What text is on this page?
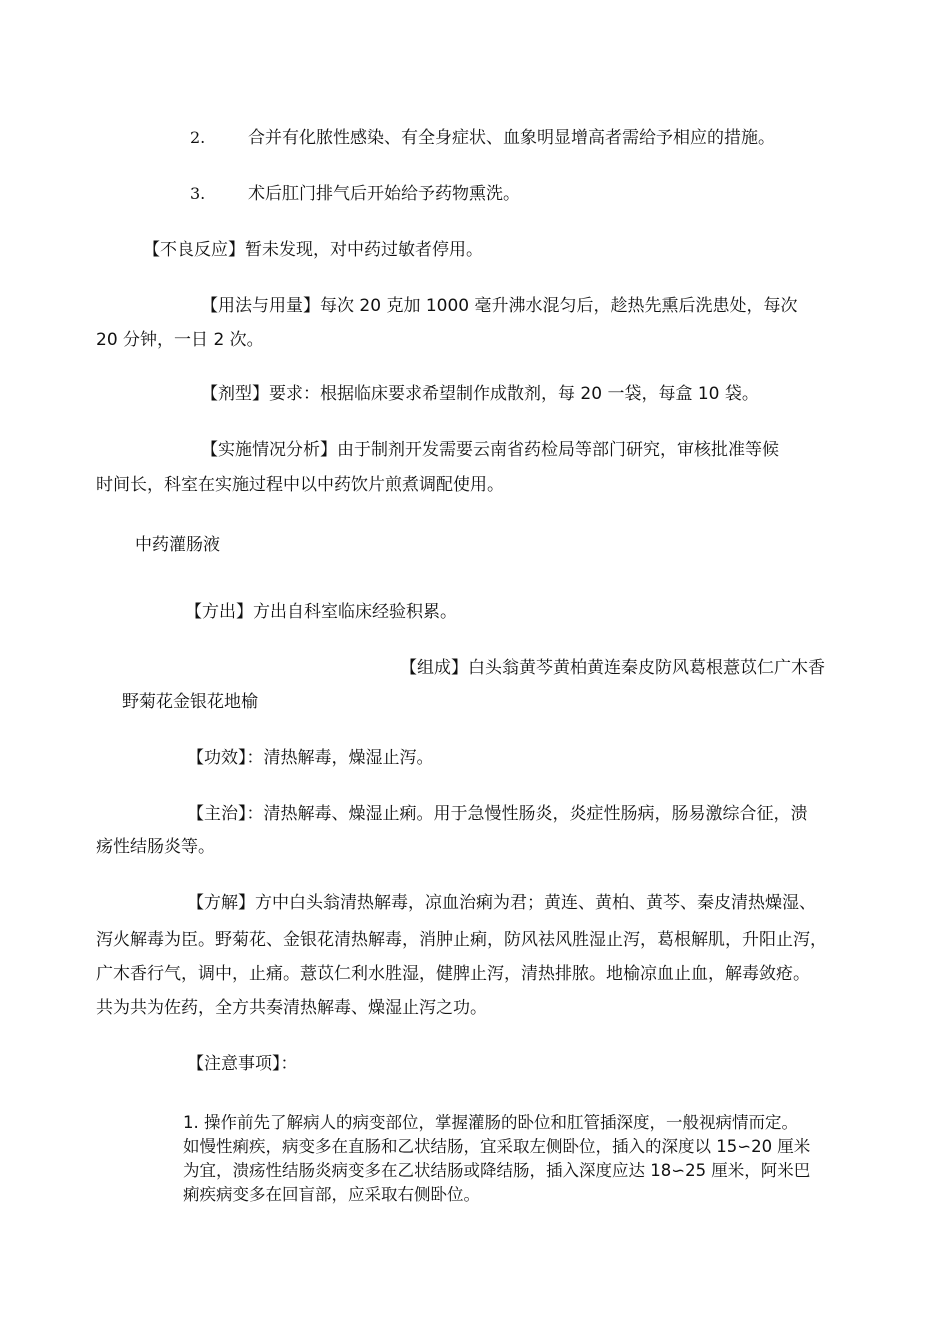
2.	合并有化脓性感染、有全身症状、血象明显增高者需给予相应的措施。
3.	术后肛门排气后开始给予药物熏洗。
【不良反应】暂未发现，对中药过敏者停用。
【用法与用量】每次 20 克加 1000 毫升沸水混匀后，趁热先熏后洗患处，每次
20 分钟，一日 2 次。
【剂型】要求：根据临床要求希望制作成散剂，每 20 一袋，每盒 10 袋。
【实施情况分析】由于制剂开发需要云南省药检局等部门研究，审核批准等候
时间长，科室在实施过程中以中药饮片煎煮调配使用。
中药灌肠液
【方出】方出自科室临床经验积累。
【组成】白头翁黄芩黄柏黄连秦皮防风葛根薏苡仁广木香
野菊花金银花地榆
【功效】：清热解毒，燥湿止泻。
【主治】：清热解毒、燥湿止痢。用于急慢性肠炎，炎症性肠病，肠易激综合征，溃
疡性结肠炎等。
【方解】方中白头翁清热解毒，凉血治痢为君；黄连、黄柏、黄芩、秦皮清热燥湿、
泻火解毒为臣。野菊花、金银花清热解毒，消肿止痢，防风祛风胜湿止泻，葛根解肌，升阳止泻，
广木香行气，调中，止痛。薏苡仁利水胜湿，健脾止泻，清热排脓。地榆凉血止血，解毒敛疮。
共为共为佐药，全方共奏清热解毒、燥湿止泻之功。
【注意事项】：
1. 操作前先了解病人的病变部位，掌握灌肠的卧位和肛管插深度，一般视病情而定。
如慢性痢疾，病变多在直肠和乙状结肠，宜采取左侧卧位，插入的深度以 15∽20 厘米
为宜，溃疡性结肠炎病变多在乙状结肠或降结肠，插入深度应达 18∽25 厘米，阿米巴
痢疾病变多在回盲部，应采取右侧卧位。
